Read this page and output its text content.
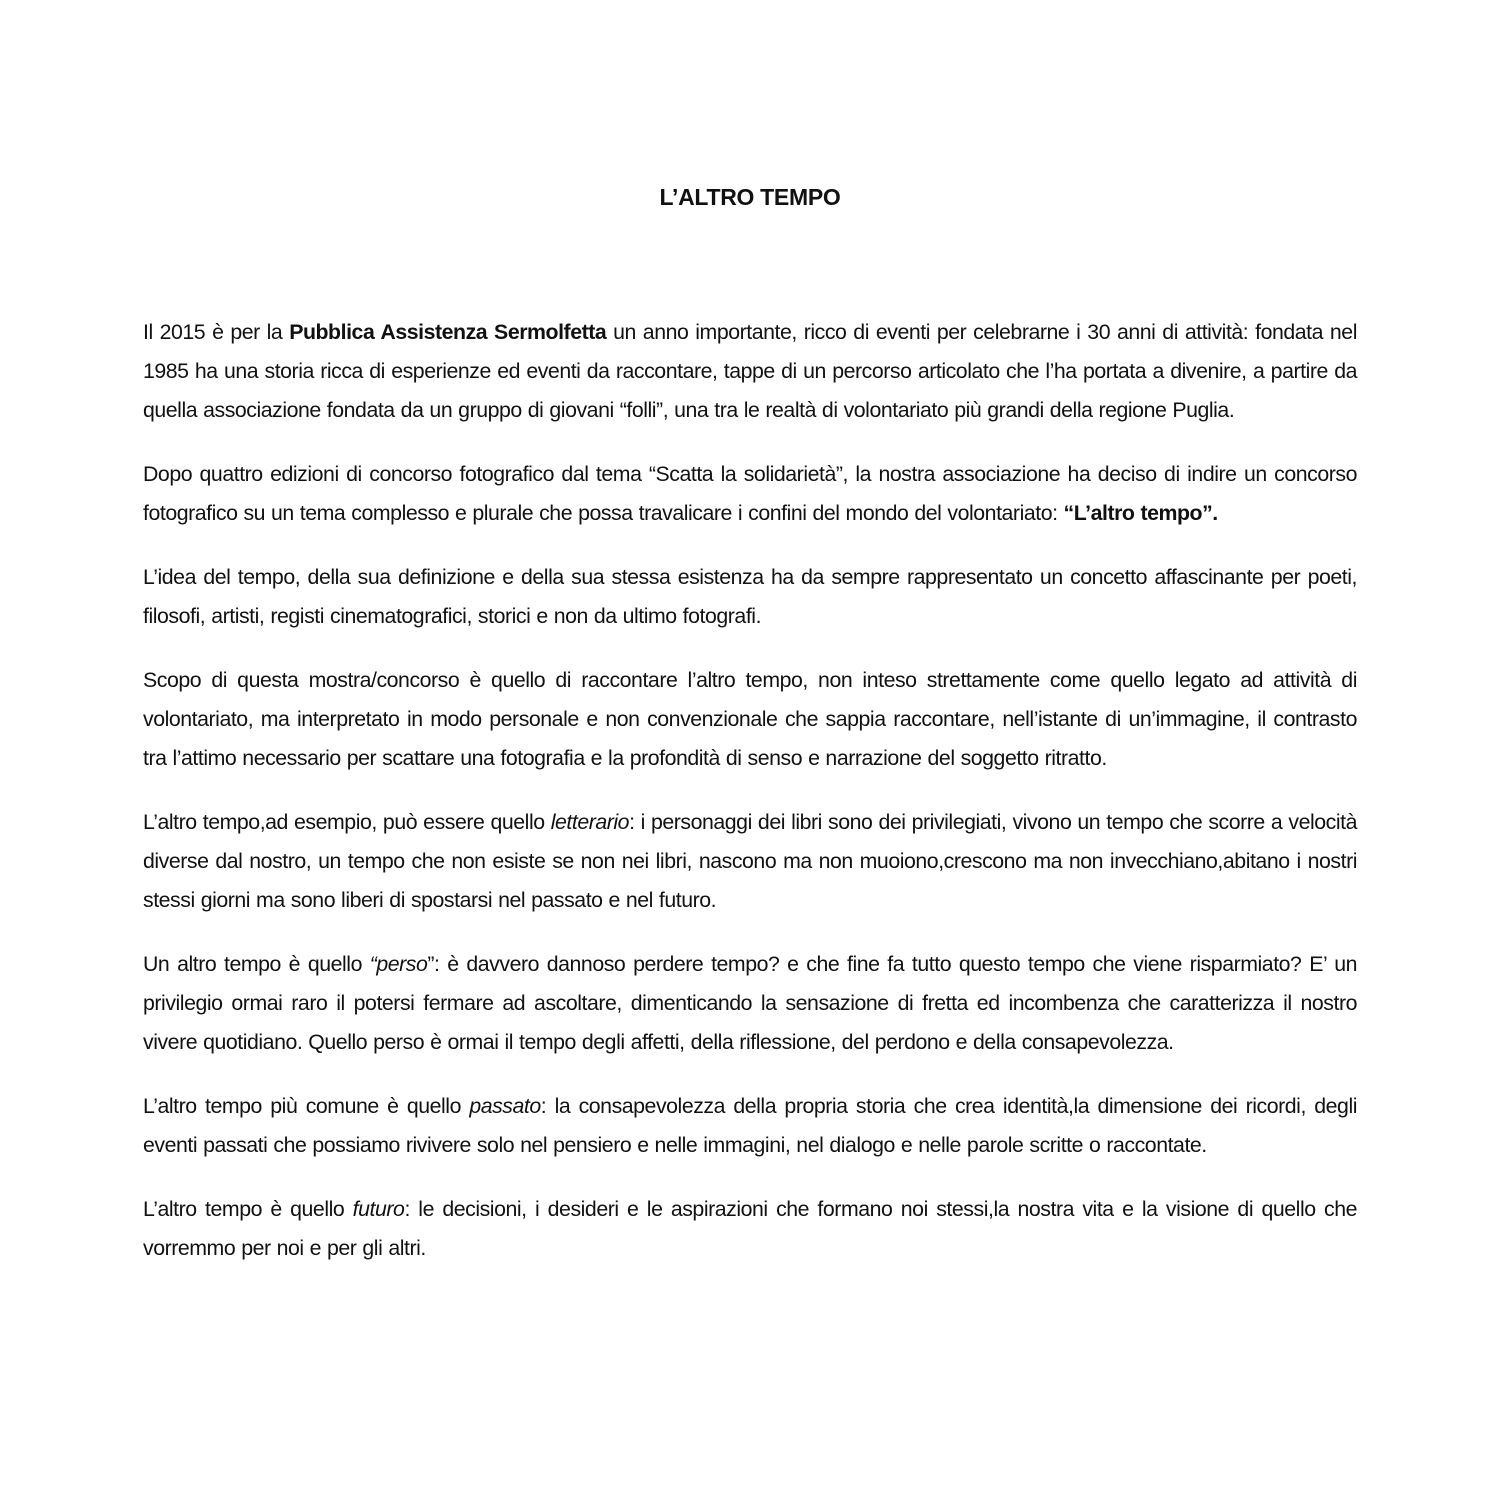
L’ALTRO TEMPO

Il 2015 è per la Pubblica Assistenza Sermolfetta un anno importante, ricco di eventi per celebrarne i 30 anni di attività: fondata nel 1985 ha una storia ricca di esperienze ed eventi da raccontare, tappe di un percorso articolato che l’ha portata a divenire, a partire da quella associazione fondata da un gruppo di giovani “folli”, una tra le realtà di volontariato più grandi della regione Puglia.

Dopo quattro edizioni di concorso fotografico dal tema “Scatta la solidarietà”, la nostra associazione ha deciso di indire un concorso fotografico su un tema complesso e plurale che possa travalicare i confini del mondo del volontariato: “L’altro tempo”.

L’idea del tempo, della sua definizione e della sua stessa esistenza ha da sempre rappresentato un concetto affascinante per poeti, filosofi, artisti, registi cinematografici, storici e non da ultimo fotografi.

Scopo di questa mostra/concorso è quello di raccontare l’altro tempo, non inteso strettamente come quello legato ad attività di volontariato, ma interpretato in modo personale e non convenzionale che sappia raccontare, nell’istante di un’immagine, il contrasto tra l’attimo necessario per scattare una fotografia e la profondità di senso e narrazione del soggetto ritratto.

L’altro tempo,ad esempio, può essere quello letterario: i personaggi dei libri sono dei privilegiati, vivono un tempo che scorre a velocità diverse dal nostro, un tempo che non esiste se non nei libri, nascono ma non muoiono,crescono ma non invecchiano,abitano i nostri stessi giorni ma sono liberi di spostarsi nel passato e nel futuro.

Un altro tempo è quello “perso”: è davvero dannoso perdere tempo? e che fine fa tutto questo tempo che viene risparmiato? E’ un privilegio ormai raro il potersi fermare ad ascoltare, dimenticando la sensazione di fretta ed incombenza che caratterizza il nostro vivere quotidiano. Quello perso è ormai il tempo degli affetti, della riflessione, del perdono e della consapevolezza.

L’altro tempo più comune è quello passato: la consapevolezza della propria storia che crea identità,la dimensione dei ricordi, degli eventi passati che possiamo rivivere solo nel pensiero e nelle immagini, nel dialogo e nelle parole scritte o raccontate.

L’altro tempo è quello futuro: le decisioni, i desideri e le aspirazioni che formano noi stessi,la nostra vita e la visione di quello che vorremmo per noi e per gli altri.
